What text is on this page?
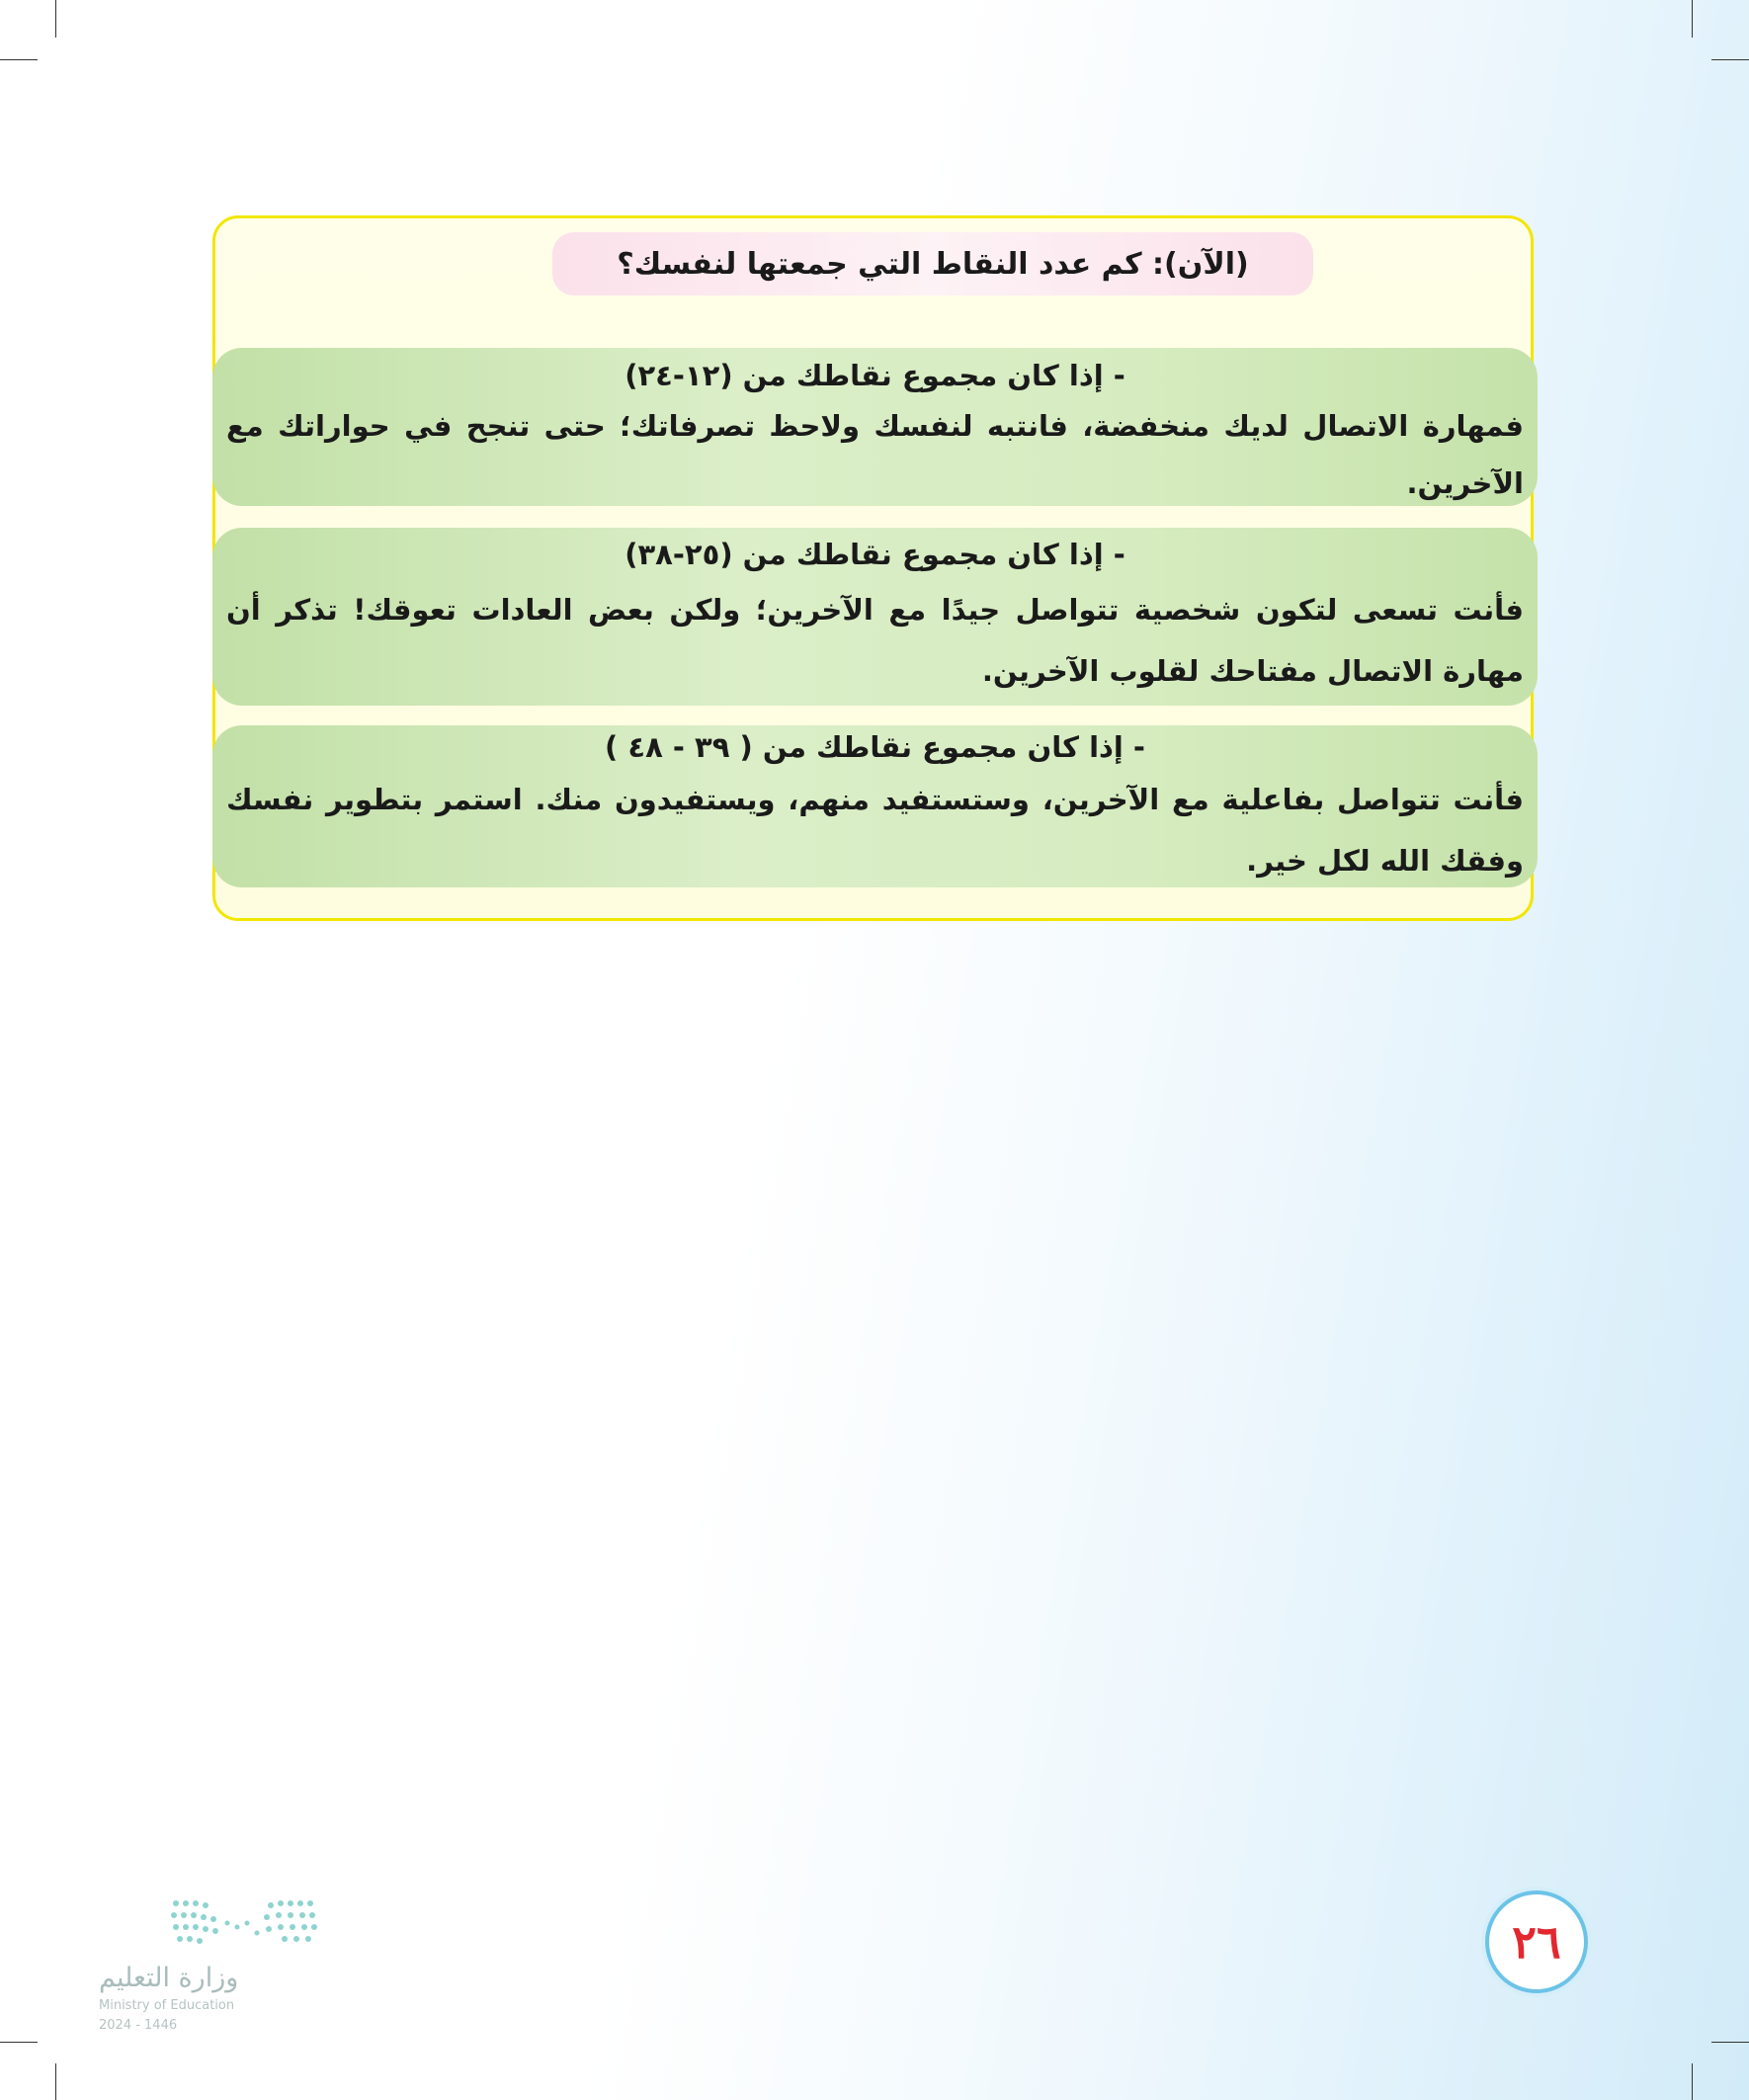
(الآن): كم عدد النقاط التي جمعتها لنفسك؟
- إذا كان مجموع نقاطك من (١٢-٢٤)
فمهارة الاتصال لديك منخفضة، فانتبه لنفسك ولاحظ تصرفاتك؛ حتى تنجح في حواراتك مع الآخرين.
- إذا كان مجموع نقاطك من (٢٥-٣٨)
فأنت تسعى لتكون شخصية تتواصل جيدًا مع الآخرين؛ ولكن بعض العادات تعوقك! تذكر أن مهارة الاتصال مفتاحك لقلوب الآخرين.
- إذا كان مجموع نقاطك من ( ٣٩ - ٤٨ )
فأنت تتواصل بفاعلية مع الآخرين، وستستفيد منهم، ويستفيدون منك. استمر بتطوير نفسك وفقك الله لكل خير.
٢٦
وزارة التعليم
Ministry of Education
2024 - 1446
